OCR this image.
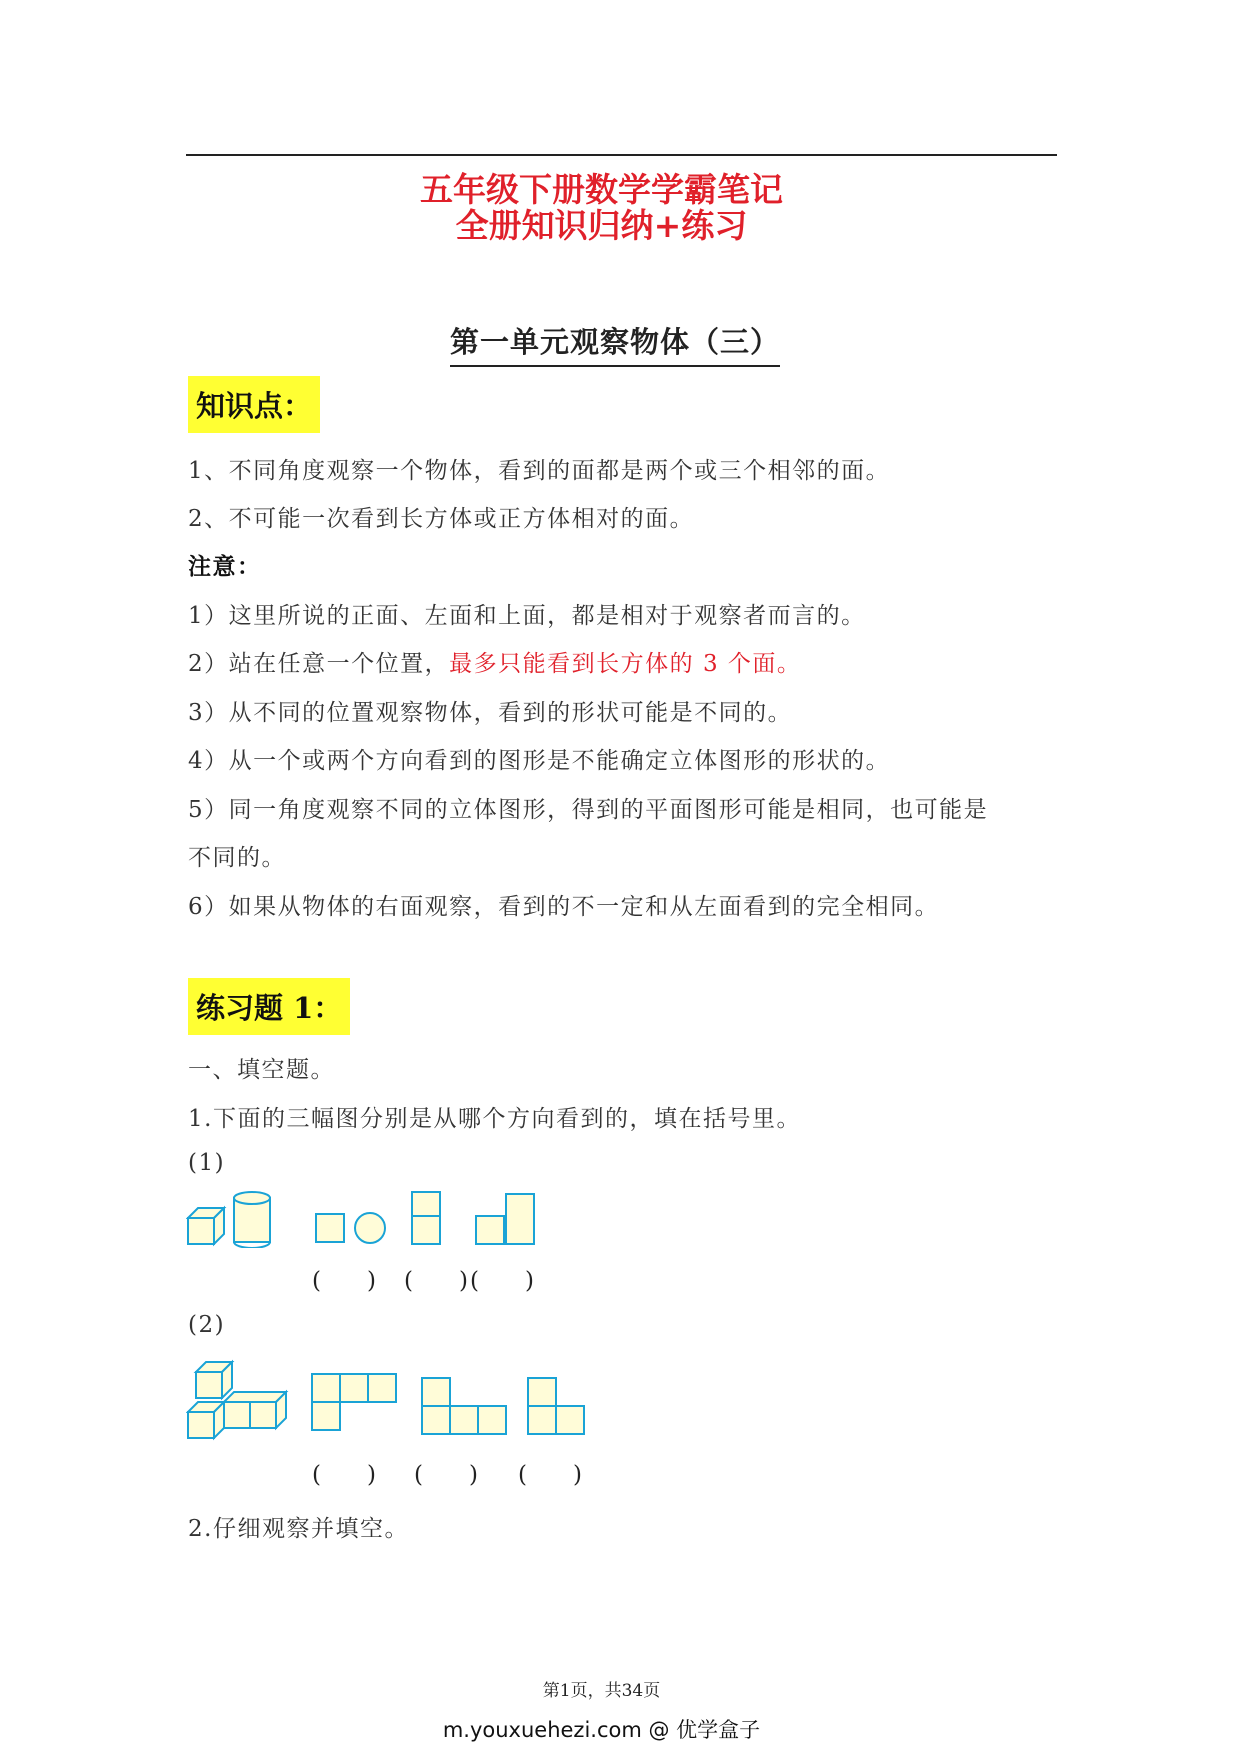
五年级下册数学学霸笔记
全册知识归纳+练习
第一单元观察物体（三）
知识点：
1、不同角度观察一个物体，看到的面都是两个或三个相邻的面。
2、不可能一次看到长方体或正方体相对的面。
注意：
1）这里所说的正面、左面和上面，都是相对于观察者而言的。
2）站在任意一个位置，最多只能看到长方体的 3 个面。
3）从不同的位置观察物体，看到的形状可能是不同的。
4）从一个或两个方向看到的图形是不能确定立体图形的形状的。
5）同一角度观察不同的立体图形，得到的平面图形可能是相同，也可能是
不同的。
6）如果从物体的右面观察，看到的不一定和从左面看到的完全相同。
练习题 1：
一、填空题。
1.下面的三幅图分别是从哪个方向看到的，填在括号里。
(1)
(　　) (　　) (　　)
(2)
(　　) (　　) (　　)
2.仔细观察并填空。
第1页，共34页
m.youxuehezi.com @ 优学盒子
